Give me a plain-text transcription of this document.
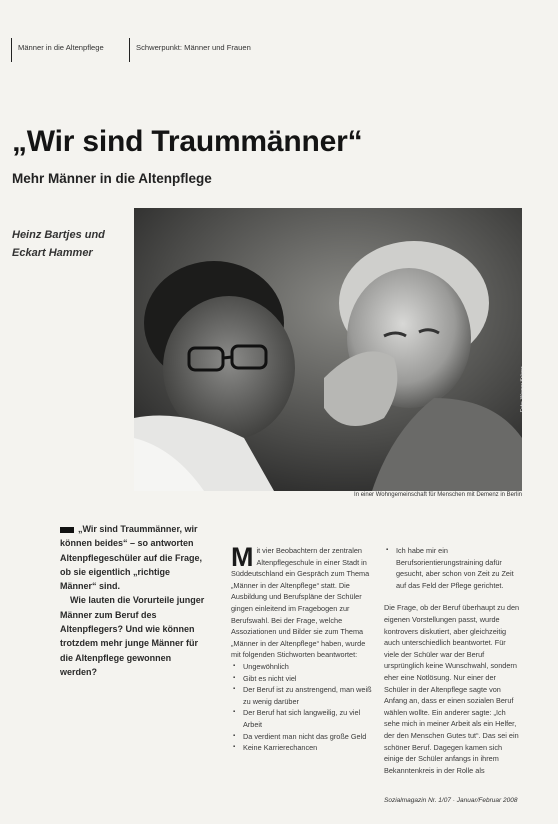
Männer in die Altenpflege	Schwerpunkt: Männer und Frauen
„Wir sind Traummänner“
Mehr Männer in die Altenpflege
Heinz Bartjes und
Eckart Hammer
Foto: Werner Krüper
In einer Wohngemeinschaft für Menschen mit Demenz in Berlin

„Wir sind Traummänner, wir können beides“ – so antworten Altenpflegeschüler auf die Frage, ob sie eigentlich „richtige Männer“ sind.

Wie lauten die Vorurteile junger Männer zum Beruf des Altenpflegers? Und wie können trotzdem mehr junge Männer für die Altenpflege gewonnen werden?

M it vier Beobachtern der zentralen Altenpflegeschule in einer Stadt in Süddeutschland ein Gespräch zum Thema „Männer in der Altenpflege“ statt. Die Ausbildung und Berufspläne der Schüler gingen einleitend im Fragebogen zur Berufswahl. Bei der Frage, welche Assoziationen und Bilder sie zum Thema „Männer in der Altenpflege“ haben, wurde mit folgenden Stichworten beantwortet:
▪ Ungewöhnlich
▪ Gibt es nicht viel
▪ Der Beruf ist zu anstrengend, man weiß zu wenig darüber
▪ Der Beruf hat sich langweilig, zu viel Arbeit
▪ Da verdient man nicht das große Geld
▪ Keine Karrierechancen
▪ Ich habe mir ein Berufsorientierungstraining dafür gesucht, aber schon von Zeit zu Zeit auf das Feld der Pflege gerichtet.

Die Frage, ob der Beruf überhaupt zu den eigenen Vorstellungen passt, wurde kontrovers diskutiert, aber gleichzeitig auch unterschiedlich beantwortet. Für viele der Schüler war der Beruf ursprünglich keine Wunschwahl, sondern eher eine Notlösung. Nur einer der Schüler in der Altenpflege sagte von Anfang an, dass er einen sozialen Beruf wählen wollte. Ein anderer sagte: „Ich sehe mich in meiner Arbeit als ein Helfer, der den Menschen Gutes tut“. Das sei ein schöner Beruf. Dagegen kamen sich einige der Schüler anfangs in ihrem Bekanntenkreis in der Rolle als

Sozialmagazin Nr. 1/07 · Januar/Februar 2008
